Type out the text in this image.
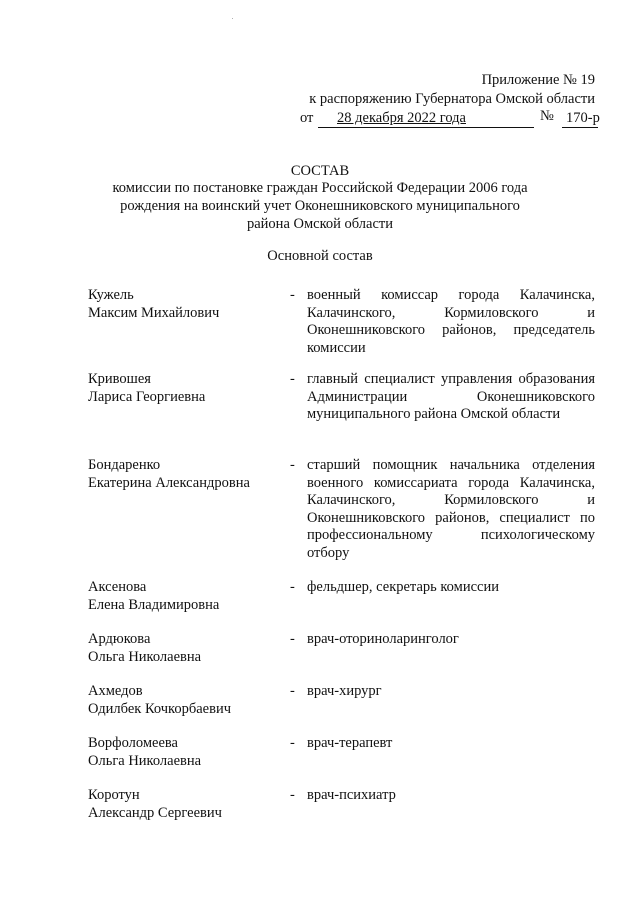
Приложение № 19
к распоряжению Губернатора Омской области
от 28 декабря 2022 года	№ 170-р
СОСТАВ
комиссии по постановке граждан Российской Федерации 2006 года
рождения на воинский учет Оконешниковского муниципального
района Омской области
Основной состав
Кужель
Максим Михайлович
- военный комиссар города Калачинска, Калачинского, Кормиловского и Оконешниковского районов, председатель комиссии
Кривошея
Лариса Георгиевна
- главный специалист управления образования Администрации Оконешниковского муниципального района Омской области
Бондаренко
Екатерина Александровна
- старший помощник начальника отделения военного комиссариата города Калачинска, Калачинского, Кормиловского и Оконешниковского районов, специалист по профессиональному психологическому отбору
Аксенова
Елена Владимировна
- фельдшер, секретарь комиссии
Ардюкова
Ольга Николаевна
- врач-оториноларинголог
Ахмедов
Одилбек Кочкорбаевич
- врач-хирург
Ворфоломеева
Ольга Николаевна
- врач-терапевт
Коротун
Александр Сергеевич
- врач-психиатр
